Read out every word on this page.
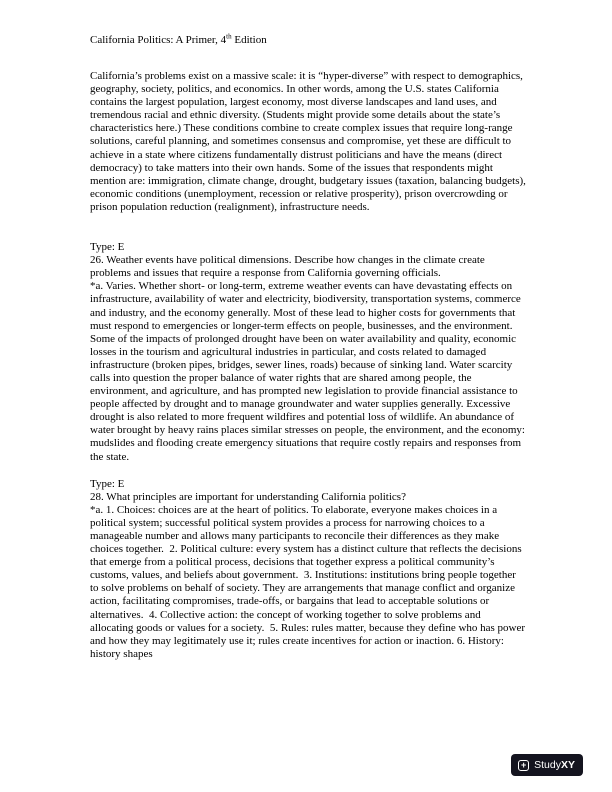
California Politics: A Primer, 4th Edition

California’s problems exist on a massive scale: it is “hyper-diverse” with respect to demographics, geography, society, politics, and economics. In other words, among the U.S. states California contains the largest population, largest economy, most diverse landscapes and land uses, and tremendous racial and ethnic diversity. (Students might provide some details about the state’s characteristics here.) These conditions combine to create complex issues that require long-range solutions, careful planning, and sometimes consensus and compromise, yet these are difficult to achieve in a state where citizens fundamentally distrust politicians and have the means (direct democracy) to take matters into their own hands. Some of the issues that respondents might mention are: immigration, climate change, drought, budgetary issues (taxation, balancing budgets), economic conditions (unemployment, recession or relative prosperity), prison overcrowding or prison population reduction (realignment), infrastructure needs.

Type: E

26. Weather events have political dimensions. Describe how changes in the climate create problems and issues that require a response from California governing officials.

*a. Varies. Whether short- or long-term, extreme weather events can have devastating effects on infrastructure, availability of water and electricity, biodiversity, transportation systems, commerce and industry, and the economy generally. Most of these lead to higher costs for governments that must respond to emergencies or longer-term effects on people, businesses, and the environment. Some of the impacts of prolonged drought have been on water availability and quality, economic losses in the tourism and agricultural industries in particular, and costs related to damaged infrastructure (broken pipes, bridges, sewer lines, roads) because of sinking land. Water scarcity calls into question the proper balance of water rights that are shared among people, the environment, and agriculture, and has prompted new legislation to provide financial assistance to people affected by drought and to manage groundwater and water supplies generally. Excessive drought is also related to more frequent wildfires and potential loss of wildlife. An abundance of water brought by heavy rains places similar stresses on people, the environment, and the economy: mudslides and flooding create emergency situations that require costly repairs and responses from the state.

Type: E

28. What principles are important for understanding California politics?

*a. 1. Choices: choices are at the heart of politics. To elaborate, everyone makes choices in a political system; successful political system provides a process for narrowing choices to a manageable number and allows many participants to reconcile their differences as they make choices together.  2. Political culture: every system has a distinct culture that reflects the decisions that emerge from a political process, decisions that together express a political community’s customs, values, and beliefs about government.  3. Institutions: institutions bring people together to solve problems on behalf of society. They are arrangements that manage conflict and organize action, facilitating compromises, trade-offs, or bargains that lead to acceptable solutions or alternatives.  4. Collective action: the concept of working together to solve problems and allocating goods or values for a society.  5. Rules: rules matter, because they define who has power and how they may legitimately use it; rules create incentives for action or inaction. 6. History: history shapes

+ StudyXY
